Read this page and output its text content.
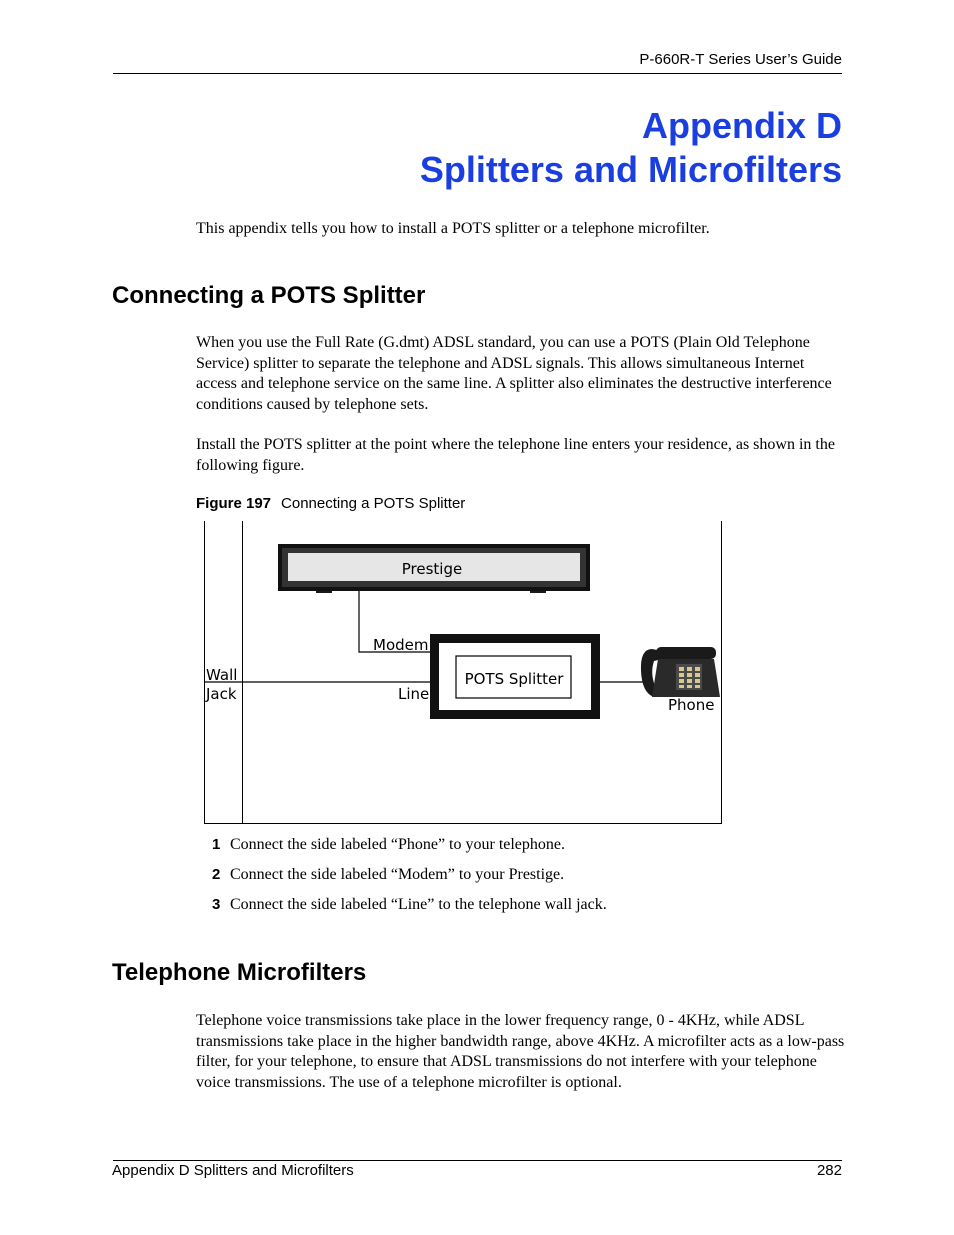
P-660R-T Series User’s Guide
Appendix D
Splitters and Microfilters

This appendix tells you how to install a POTS splitter or a telephone microfilter.

Connecting a POTS Splitter

When you use the Full Rate (G.dmt) ADSL standard, you can use a POTS (Plain Old Telephone Service) splitter to separate the telephone and ADSL signals. This allows simultaneous Internet access and telephone service on the same line. A splitter also eliminates the destructive interference conditions caused by telephone sets.

Install the POTS splitter at the point where the telephone line enters your residence, as shown in the following figure.

Figure 197 Connecting a POTS Splitter
Prestige
Modem
Line
POTS Splitter
Wall
Jack
Phone
1 Connect the side labeled “Phone” to your telephone.
2 Connect the side labeled “Modem” to your Prestige.
3 Connect the side labeled “Line” to the telephone wall jack.
Telephone Microfilters

Telephone voice transmissions take place in the lower frequency range, 0 - 4KHz, while ADSL transmissions take place in the higher bandwidth range, above 4KHz. A microfilter acts as a low-pass filter, for your telephone, to ensure that ADSL transmissions do not interfere with your telephone voice transmissions. The use of a telephone microfilter is optional.

Appendix D Splitters and Microfilters	282
